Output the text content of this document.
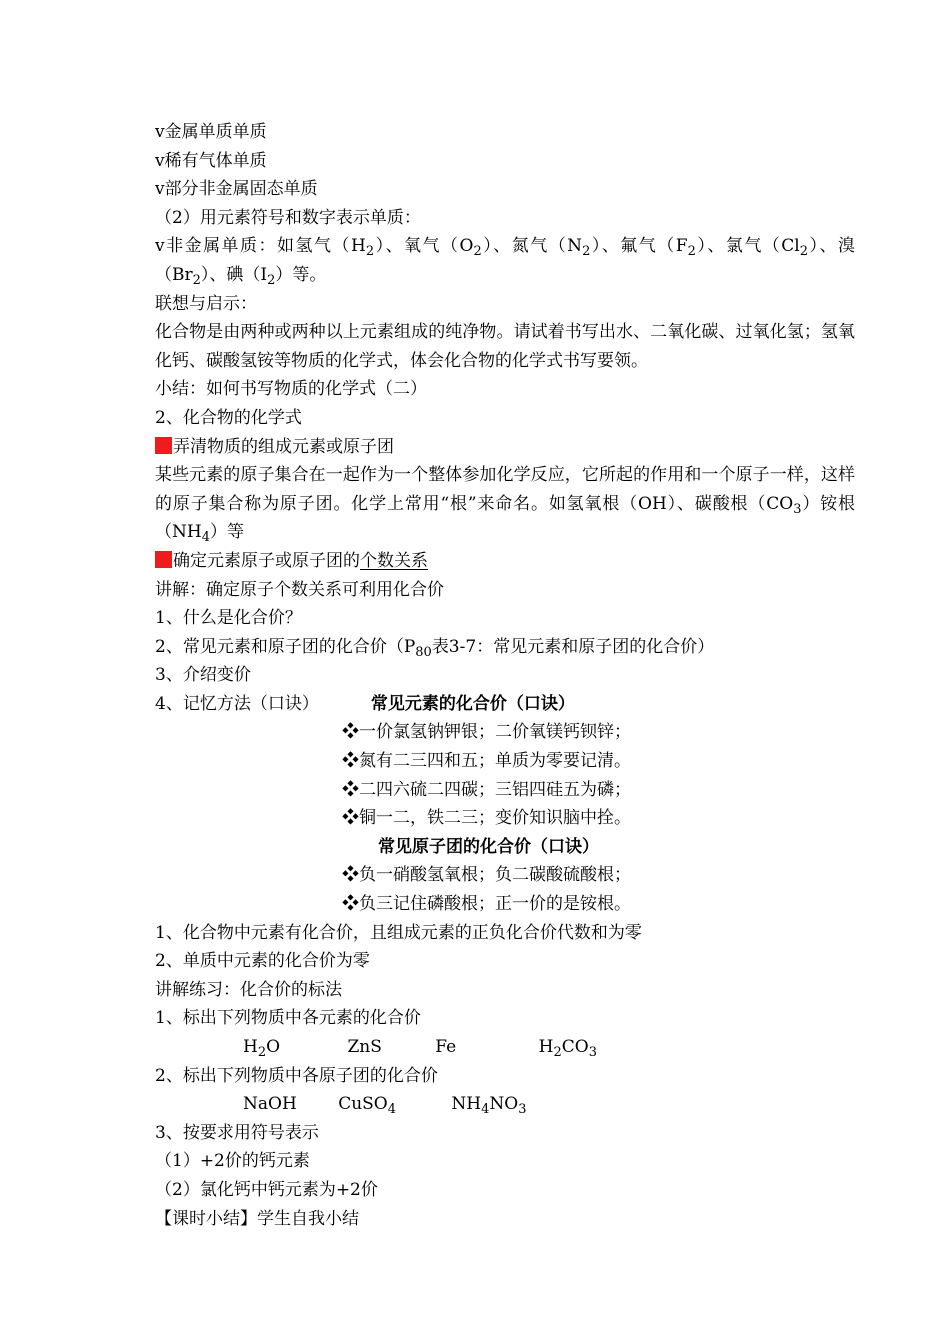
v金属单质单质
v稀有气体单质
v部分非金属固态单质
（2）用元素符号和数字表示单质：
v非金属单质：如氢气$(H_2)$、氧气$(O_2)$、氮气$(N_2)$、氟气$(F_2)$、氯气$(Cl_2)$、溴$(Br_2)$、碘$(I_2)$等。
联想与启示：
化合物是由两种或两种以上元素组成的纯净物。请试着书写出水、二氧化碳、过氧化氢；氢氧化钙、碳酸氢铵等物质的化学式，体会化合物的化学式书写要领。
小结：如何书写物质的化学式（二）
2、化合物的化学式
弄清物质的组成元素或原子团
某些元素的原子集合在一起作为一个整体参加化学反应，它所起的作用和一个原子一样，这样的原子集合称为原子团。化学上常用“根”来命名。如氢氧根（OH）、碳酸根$(CO_3)$铵根$(NH_4)$等
确定元素原子或原子团的个数关系
讲解：确定原子个数关系可利用化合价
1、什么是化合价？
2、常见元素和原子团的化合价（$P_{80}$表3-7：常见元素和原子团的化合价）
3、介绍变价
4、记忆方法（口诀）	常见元素的化合价（口诀）
❖一价氯氢钠钾银；二价氧镁钙钡锌；
❖氮有二三四和五；单质为零要记清。
❖二四六硫二四碳；三铝四硅五为磷；
❖铜一二，铁二三；变价知识脑中拴。
常见原子团的化合价（口诀）
❖负一硝酸氢氧根；负二碳酸硫酸根；
❖负三记住磷酸根；正一价的是铵根。
1、化合物中元素有化合价，且组成元素的正负化合价代数和为零
2、单质中元素的化合价为零
讲解练习：化合价的标法
1、标出下列物质中各元素的化合价
$H_2O$	ZnS	Fe	$H_2CO_3$
2、标出下列物质中各原子团的化合价
NaOH CuSO$_4$	$NH_4NO_3$
3、按要求用符号表示
（1）+2价的钙元素
（2）氯化钙中钙元素为+2价
【课时小结】学生自我小结
